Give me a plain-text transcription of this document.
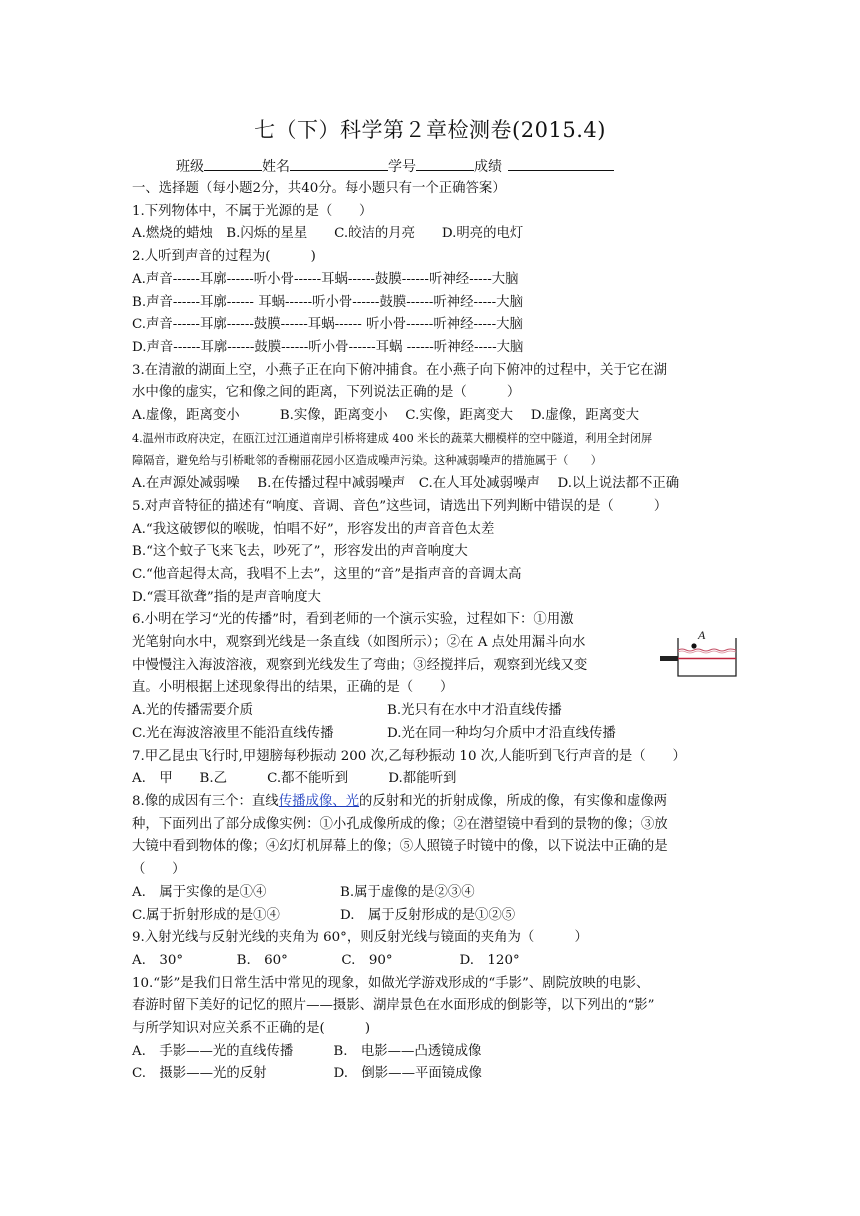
七（下）科学第２章检测卷(2015.4)
班级	姓名	学号	成绩

一、选择题（每小题2分，共40分。每小题只有一个正确答案）

1.下列物体中，不属于光源的是（　　）

A.燃烧的蜡烛　B.闪烁的星星　　C.皎洁的月亮　　D.明亮的电灯

2.人听到声音的过程为(　　　)

A.声音------耳廓------听小骨------耳蜗------鼓膜------听神经-----大脑

B.声音------耳廓------ 耳蜗------听小骨------鼓膜------听神经-----大脑

C.声音------耳廓------鼓膜------耳蜗------ 听小骨------听神经-----大脑

D.声音------耳廓------鼓膜------听小骨------耳蜗 ------听神经-----大脑

3.在清澈的湖面上空，小燕子正在向下俯冲捕食。在小燕子向下俯冲的过程中，关于它在湖

水中像的虚实，它和像之间的距离，下列说法正确的是（　　　）

A.虚像，距离变小　　　B.实像，距离变小　 C.实像，距离变大　 D.虚像，距离变大

4.温州市政府决定，在瓯江过江通道南岸引桥将建成 400 米长的蔬菜大棚模样的空中隧道，利用全封闭屏

障隔音，避免给与引桥毗邻的香榭丽花园小区造成噪声污染。这种减弱噪声的措施属于（　　）

A.在声源处减弱噪　 B.在传播过程中减弱噪声　C.在人耳处减弱噪声　 D.以上说法都不正确

5.对声音特征的描述有“响度、音调、音色”这些词，请选出下列判断中错误的是（　　　）

A.“我这破锣似的喉咙，怕唱不好”，形容发出的声音音色太差

B.“这个蚊子飞来飞去，吵死了”，形容发出的声音响度大

C.“他音起得太高，我唱不上去”，这里的“音”是指声音的音调太高

D.“震耳欲聋”指的是声音响度大

6.小明在学习“光的传播”时，看到老师的一个演示实验，过程如下：①用激

光笔射向水中，观察到光线是一条直线（如图所示）；②在 A 点处用漏斗向水

中慢慢注入海波溶液，观察到光线发生了弯曲；③经搅拌后，观察到光线又变

直。小明根据上述现象得出的结果，正确的是（　　）

A.光的传播需要介质	B.光只有在水中才沿直线传播

C.光在海波溶液里不能沿直线传播	D.光在同一种均匀介质中才沿直线传播

7.甲乙昆虫飞行时,甲翅膀每秒振动 200 次,乙每秒振动 10 次,人能听到飞行声音的是（　　）

A.　甲　　B.乙　　　C.都不能听到　　　D.都能听到

8.像的成因有三个：直线传播成像、光的反射和光的折射成像，所成的像，有实像和虚像两

种，下面列出了部分成像实例：①小孔成像所成的像；②在潜望镜中看到的景物的像；③放

大镜中看到物体的像；④幻灯机屏幕上的像；⑤人照镜子时镜中的像，以下说法中正确的是

（　　）

A.　属于实像的是①④	B.属于虚像的是②③④

C.属于折射形成的是①④	D.　属于反射形成的是①②⑤

9.入射光线与反射光线的夹角为 60°，则反射光线与镜面的夹角为（　　　）

A.　30°　　　　B.　60°　　　　C.　90°　　　　　D.　120°

10.“影”是我们日常生活中常见的现象，如做光学游戏形成的“手影”、剧院放映的电影、

春游时留下美好的记忆的照片——摄影、湖岸景色在水面形成的倒影等，以下列出的“影”

与所学知识对应关系不正确的是(　　　)

A.　手影——光的直线传播　　　B.　电影——凸透镜成像

C.　摄影——光的反射　　　　　D.　倒影——平面镜成像

A
